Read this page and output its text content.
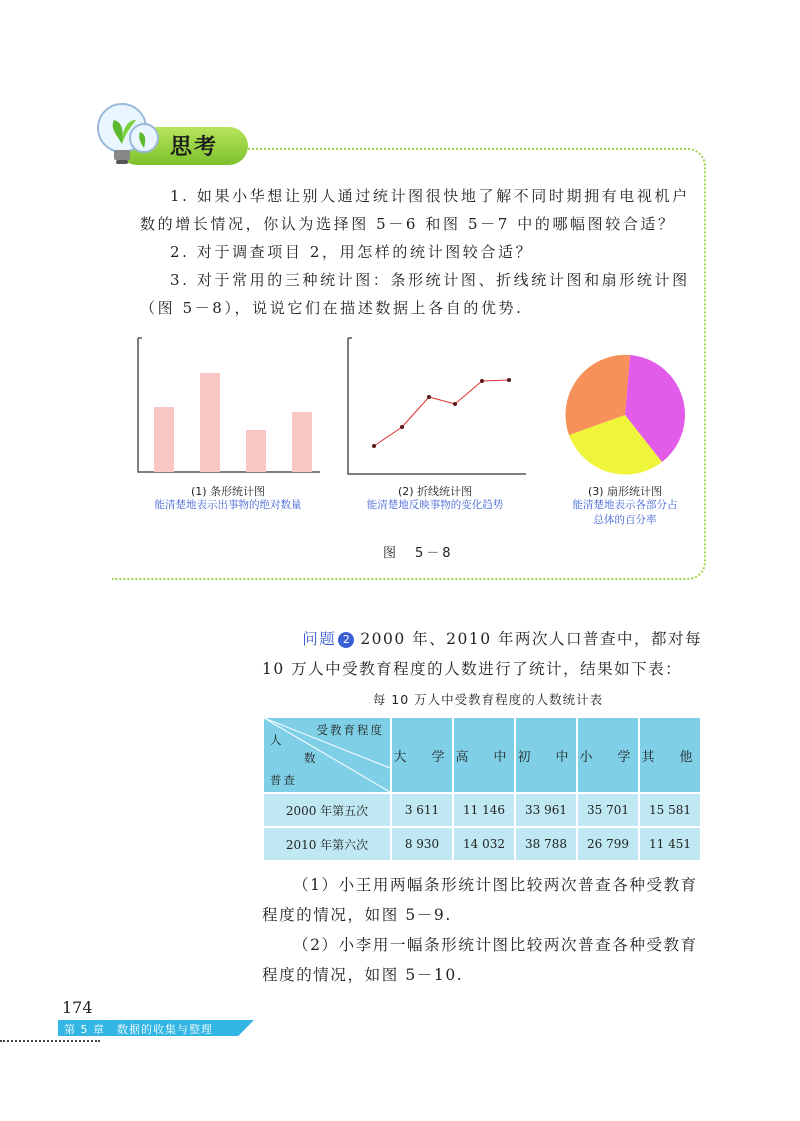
思考
1. 如果小华想让别人通过统计图很快地了解不同时期拥有电视机户数的增长情况，你认为选择图 5－6 和图 5－7 中的哪幅图较合适？
2. 对于调查项目 2，用怎样的统计图较合适？
3. 对于常用的三种统计图：条形统计图、折线统计图和扇形统计图（图 5－8），说说它们在描述数据上各自的优势.
(1) 条形统计图
能清楚地表示出事物的绝对数量
(2) 折线统计图
能清楚地反映事物的变化趋势
(3) 扇形统计图
能清楚地表示各部分占
总体的百分率
图　5－8
问题 2 2000 年、2010 年两次人口普查中，都对每 10 万人中受教育程度的人数进行了统计，结果如下表：
每 10 万人中受教育程度的人数统计表
受教育程度
人
数
普查	大　学	高　中	初　中	小　学	其　他
2000 年第五次	3 611	11 146	33 961	35 701	15 581
2010 年第六次	8 930	14 032	38 788	26 799	11 451

（1）小王用两幅条形统计图比较两次普查各种受教育程度的情况，如图 5－9.

（2）小李用一幅条形统计图比较两次普查各种受教育程度的情况，如图 5－10.

174
第 5 章　数据的收集与整理
